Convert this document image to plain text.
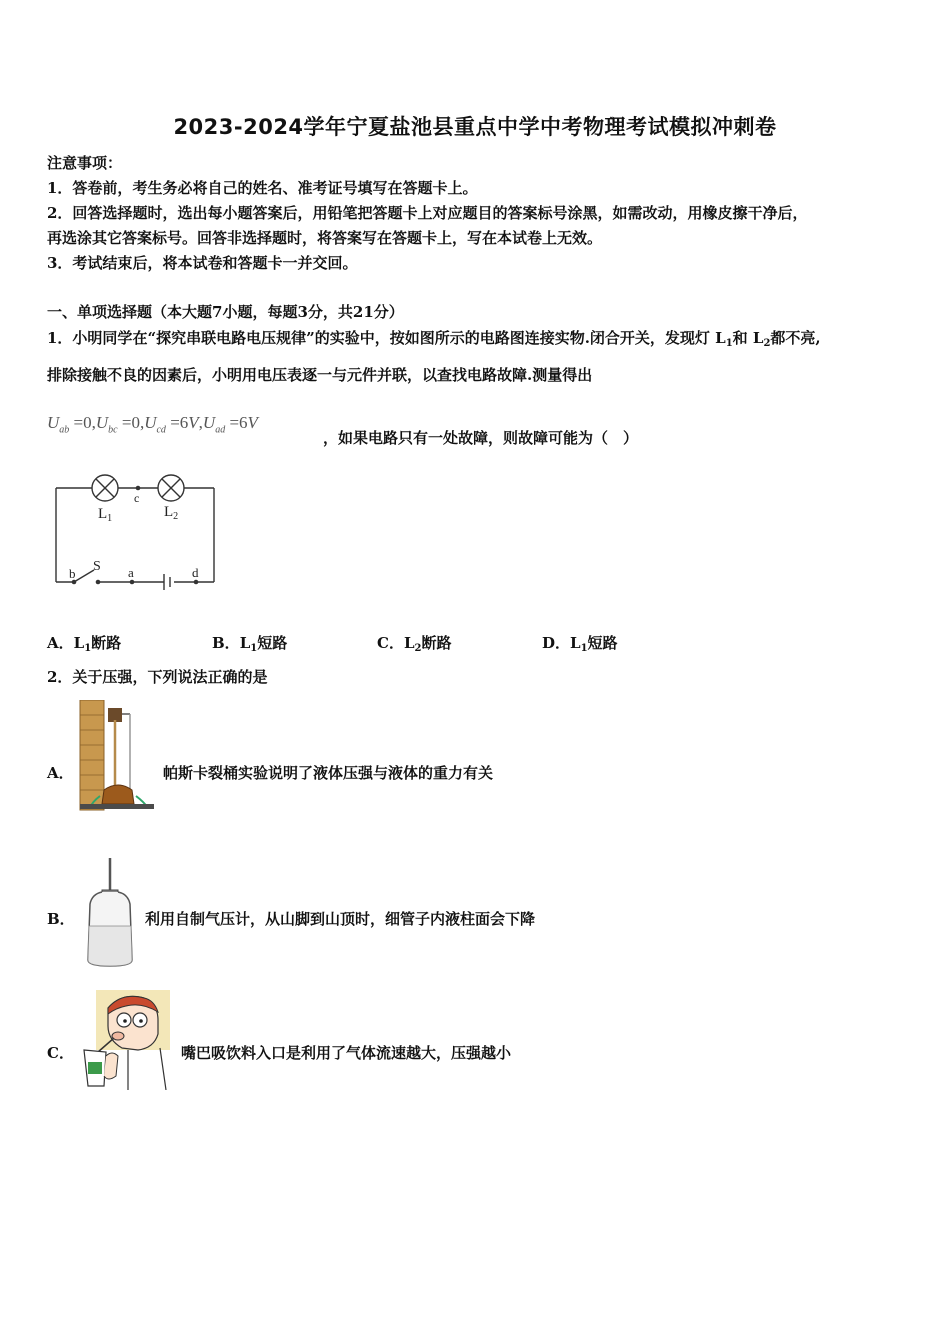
2023-2024学年宁夏盐池县重点中学中考物理考试模拟冲刺卷
注意事项：
1．答卷前，考生务必将自己的姓名、准考证号填写在答题卡上。
2．回答选择题时，选出每小题答案后，用铅笔把答题卡上对应题目的答案标号涂黑，如需改动，用橡皮擦干净后，
再选涂其它答案标号。回答非选择题时，将答案写在答题卡上，写在本试卷上无效。
3．考试结束后，将本试卷和答题卡一并交回。
一、单项选择题（本大题7小题，每题3分，共21分）
1．小明同学在“探究串联电路电压规律”的实验中，按如图所示的电路图连接实物.闭合开关，发现灯 $L_1$和 $L_2$都不亮,
排除接触不良的因素后，小明用电压表逐一与元件并联，以查找电路故障.测量得出
$U_{ab} =0,U_{bc} =0,U_{cd} =6V,U_{ad} =6V$
，如果电路只有一处故障，则故障可能为（　）
$L_1$	$L_2$
c
b S a	d
A．$L_1$断路	B．$L_1$短路	C．$L_2$断路	D．$L_1$短路
2．关于压强，下列说法正确的是
A．	帕斯卡裂桶实验说明了液体压强与液体的重力有关
B．	利用自制气压计，从山脚到山顶时，细管子内液柱面会下降
C．	嘴巴吸饮料入口是利用了气体流速越大，压强越小
